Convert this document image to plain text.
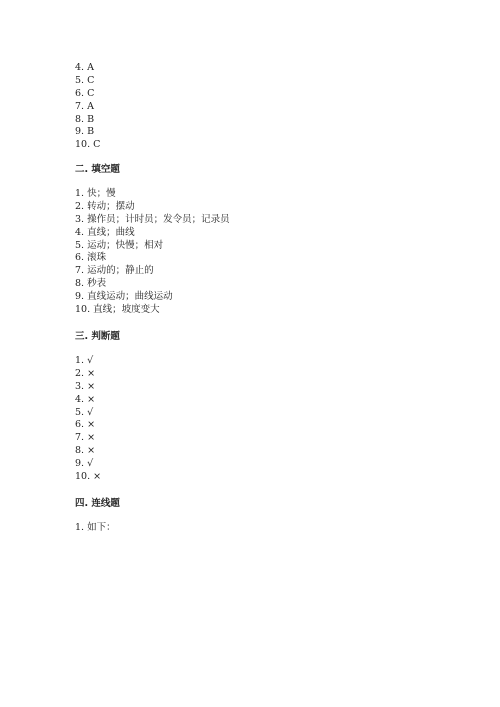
4. A
5. C
6. C
7. A
8. B
9. B
10. C
二. 填空题
1. 快；慢
2. 转动；摆动
3. 操作员；计时员；发令员；记录员
4. 直线；曲线
5. 运动；快慢；相对
6. 滚珠
7. 运动的；静止的
8. 秒表
9. 直线运动；曲线运动
10. 直线；坡度变大
三. 判断题
1. √
2. ×
3. ×
4. ×
5. √
6. ×
7. ×
8. ×
9. √
10. ×
四. 连线题
1. 如下：
